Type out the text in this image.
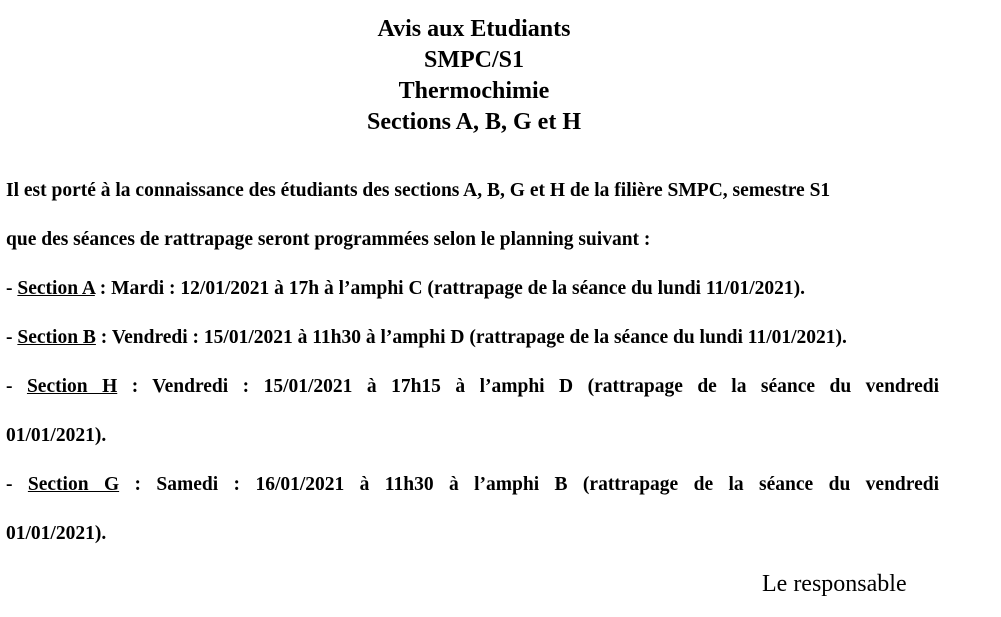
Avis aux Etudiants
SMPC/S1
Thermochimie
Sections A, B, G et H
Il est porté à la connaissance des étudiants des sections A, B, G et H de la filière SMPC, semestre S1
que des séances de rattrapage seront programmées selon le planning suivant :
- Section A : Mardi : 12/01/2021 à 17h à l’amphi C (rattrapage de la séance du lundi 11/01/2021).
- Section B : Vendredi : 15/01/2021 à 11h30 à l’amphi D (rattrapage de la séance du lundi 11/01/2021).
- Section H : Vendredi : 15/01/2021 à 17h15 à l’amphi D (rattrapage de la séance du vendredi
01/01/2021).
- Section G : Samedi : 16/01/2021 à 11h30 à l’amphi B (rattrapage de la séance du vendredi
01/01/2021).
Le responsable
